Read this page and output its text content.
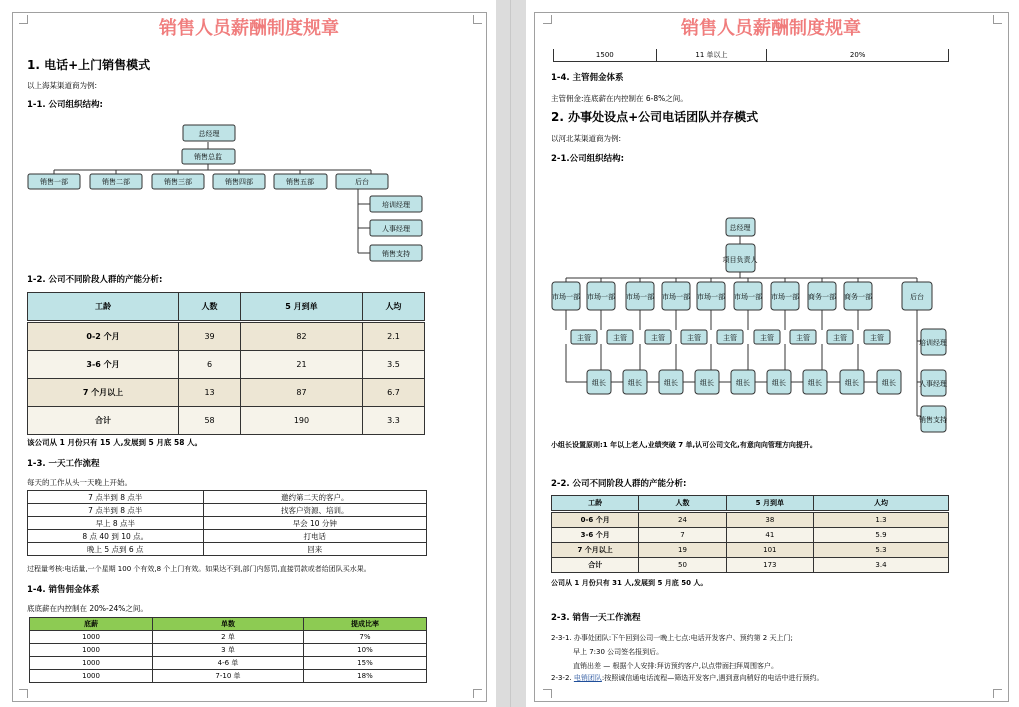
销售人员薪酬制度规章
1. 电话+上门销售模式
以上海某渠道商为例:
1-1. 公司组织结构:
总经理
销售总监
销售一部	销售二部	销售三部	销售四部	销售五部	后台
培训经理
人事经理
销售支持
1-2. 公司不同阶段人群的产能分析:
工龄	人数	5 月到单	人均

0-2 个月	39	82	2.1
3-6 个月	6	21	3.5
7 个月以上	13	87	6.7
合计	58	190	3.3
该公司从 1 月份只有 15 人,发展到 5 月底 58 人。
1-3. 一天工作流程
每天的工作从头一天晚上开始。
7 点半到 8 点半	邀约第二天的客户。
7 点半到 8 点半	找客户资源、培训。
早上 8 点半	早会 10 分钟
8 点 40 到 10 点。	打电话
晚上 5 点到 6 点	回来
过程量考核:电话量,一个星期 100 个有效,8 个上门有效。如果达不到,部门内惩罚,直接罚款或者给团队买水果。
1-4. 销售佣金体系
底底薪在内控制在 20%-24%之间。
底薪	单数	提成比率
1000	2 单	7%
1000	3 单	10%
1000	4-6 单	15%
1000	7-10 单	18%
销售人员薪酬制度规章
1500	11 单以上	20%
1-4. 主管佣金体系
主管佣金:连底薪在内控制在 6-8%之间。
2. 办事处设点+公司电话团队并存模式
以河北某渠道商为例:
2-1.公司组织结构:
总经理
项目负责人
市场一部 市场一部 市场一部 市场一部 市场一部 市场一部 市场一部 商务一部 商务一部	后台
主管	主管	主管	主管	主管	主管	主管	主管	主管
组长	组长	组长	组长	组长	组长	组长	组长	组长
培训经理
人事经理
销售支持
小组长设置原则:1 年以上老人,业绩突破 7 单,认可公司文化,有意向向管理方向提升。
2-2. 公司不同阶段人群的产能分析:
工龄	人数	5 月到单	人均

0-6 个月	24	38	1.3
3-6 个月	7	41	5.9
7 个月以上	19	101	5.3
合计	50	173	3.4
公司从 1 月份只有 31 人,发展到 5 月底 50 人。
2-3. 销售一天工作流程
2-3-1. 办事处团队:下午回到公司一晚上七点:电话开发客户、预约第 2 天上门;
早上 7:30 公司签名报到后。
直销出差 — 根据个人安排:拜访预约客户,以点带面扫拜周围客户。
2-3-2. 电销团队:按照诚信通电话流程—筛选开发客户,遇到意向稍好的电话中进行预约。
